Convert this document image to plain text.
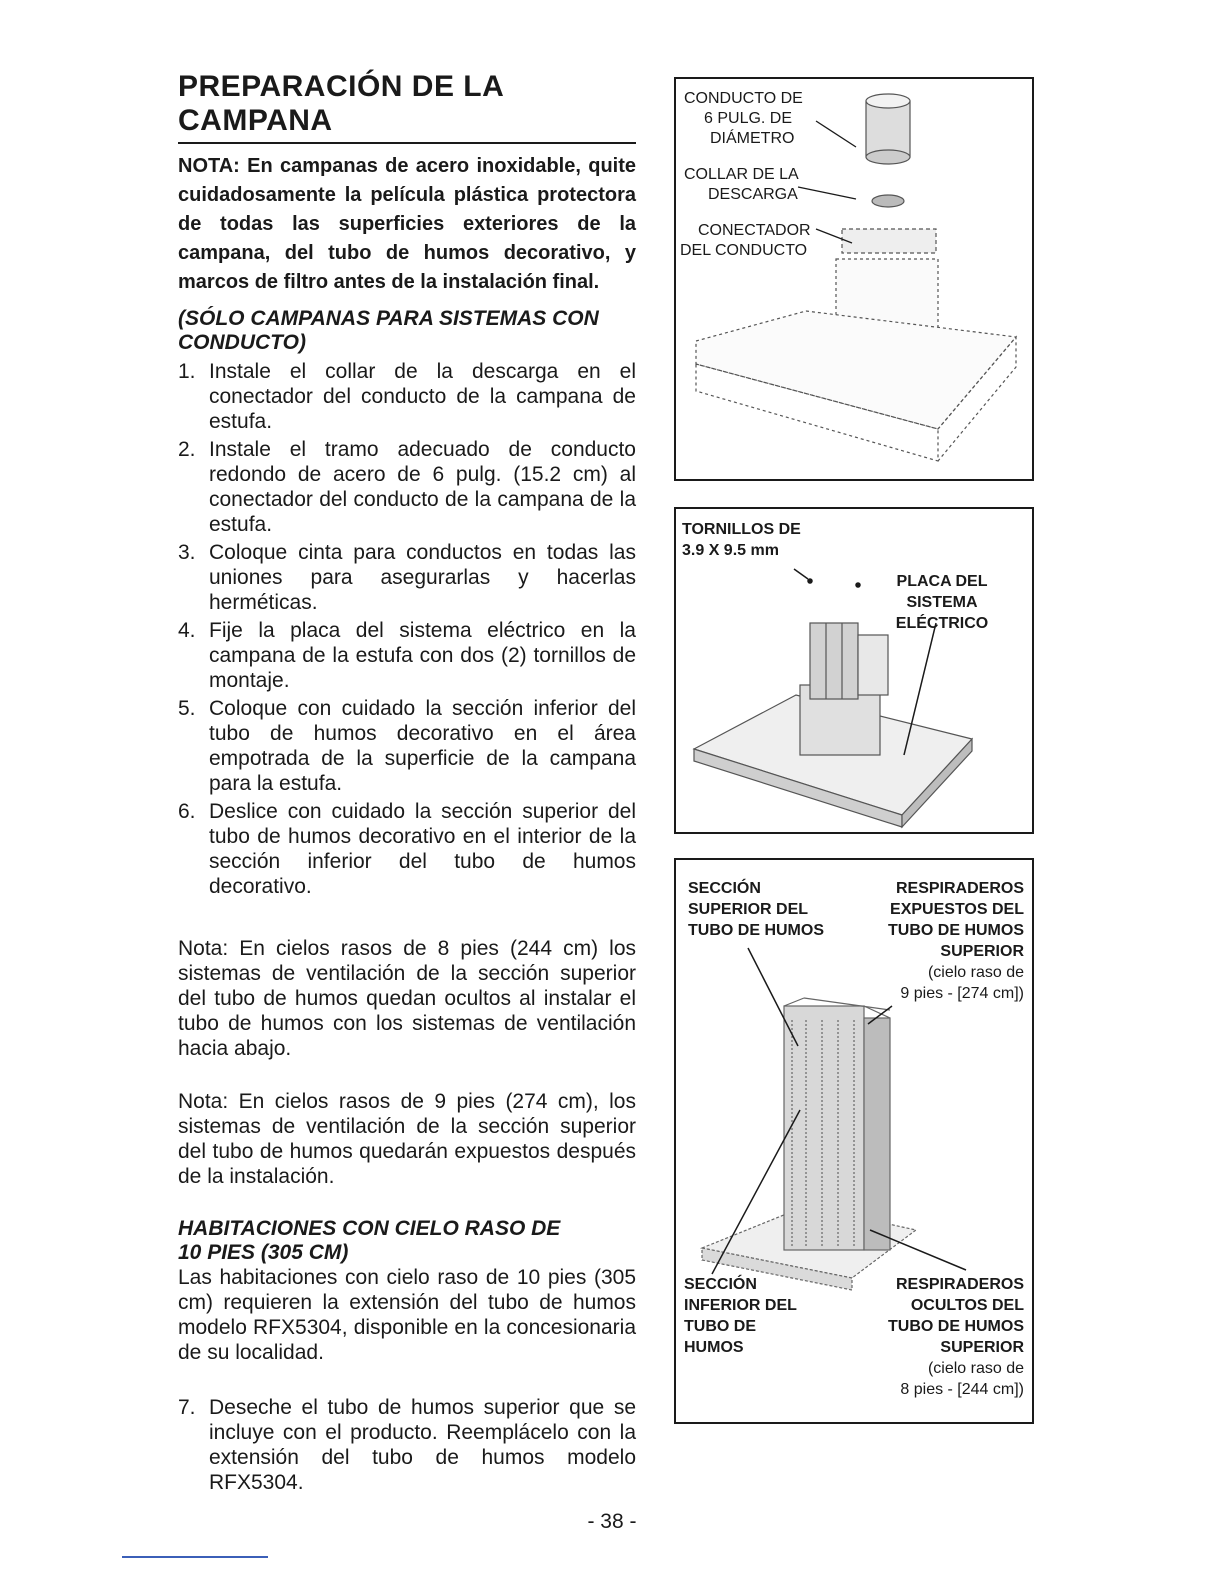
PREPARACIÓN DE LA
CAMPANA
NOTA: En campanas de acero inoxidable, quite cuidadosamente la película plástica protectora de todas las superficies exteriores de la campana, del tubo de humos decorativo, y marcos de filtro antes de la instalación final.
(SÓLO CAMPANAS PARA SISTEMAS CON CONDUCTO)
1. Instale el collar de la descarga en el conectador del conducto de la campana de estufa.
2. Instale el tramo adecuado de conducto redondo de acero de 6 pulg. (15.2 cm) al conectador del conducto de la campana de la estufa.
3. Coloque cinta para conductos en todas las uniones para asegurarlas y hacerlas herméticas.
4. Fije la placa del sistema eléctrico en la campana de la estufa con dos (2) tornillos de montaje.
5. Coloque con cuidado la sección inferior del tubo de humos decorativo en el área empotrada de la superficie de la campana para la estufa.
6. Deslice con cuidado la sección superior del tubo de humos decorativo en el interior de la sección inferior del tubo de humos decorativo.

Nota: En cielos rasos de 8 pies (244 cm) los sistemas de ventilación de la sección superior del tubo de humos quedan ocultos al instalar el tubo de humos con los sistemas de ventilación hacia abajo.

Nota: En cielos rasos de 9 pies (274 cm), los sistemas de ventilación de la sección superior del tubo de humos quedarán expuestos después de la instalación.

HABITACIONES CON CIELO RASO DE
10 PIES (305 CM)

Las habitaciones con cielo raso de 10 pies (305 cm) requieren la extensión del tubo de humos modelo RFX5304, disponible en la concesionaria de su localidad.

7. Deseche el tubo de humos superior que se incluye con el producto. Reemplácelo con la extensión del tubo de humos modelo RFX5304.
- 38 -
CONDUCTO DE
6 PULG. DE
DIÁMETRO
COLLAR DE LA
DESCARGA
CONECTADOR
DEL CONDUCTO
TORNILLOS DE
3.9 X 9.5 mm
PLACA DEL
SISTEMA
ELÉCTRICO
SECCIÓN
SUPERIOR DEL
TUBO DE HUMOS
RESPIRADEROS
EXPUESTOS DEL
TUBO DE HUMOS
SUPERIOR
(cielo raso de
9 pies - [274 cm])
SECCIÓN
INFERIOR DEL
TUBO DE
HUMOS
RESPIRADEROS
OCULTOS DEL
TUBO DE HUMOS
SUPERIOR
(cielo raso de
8 pies - [244 cm])
